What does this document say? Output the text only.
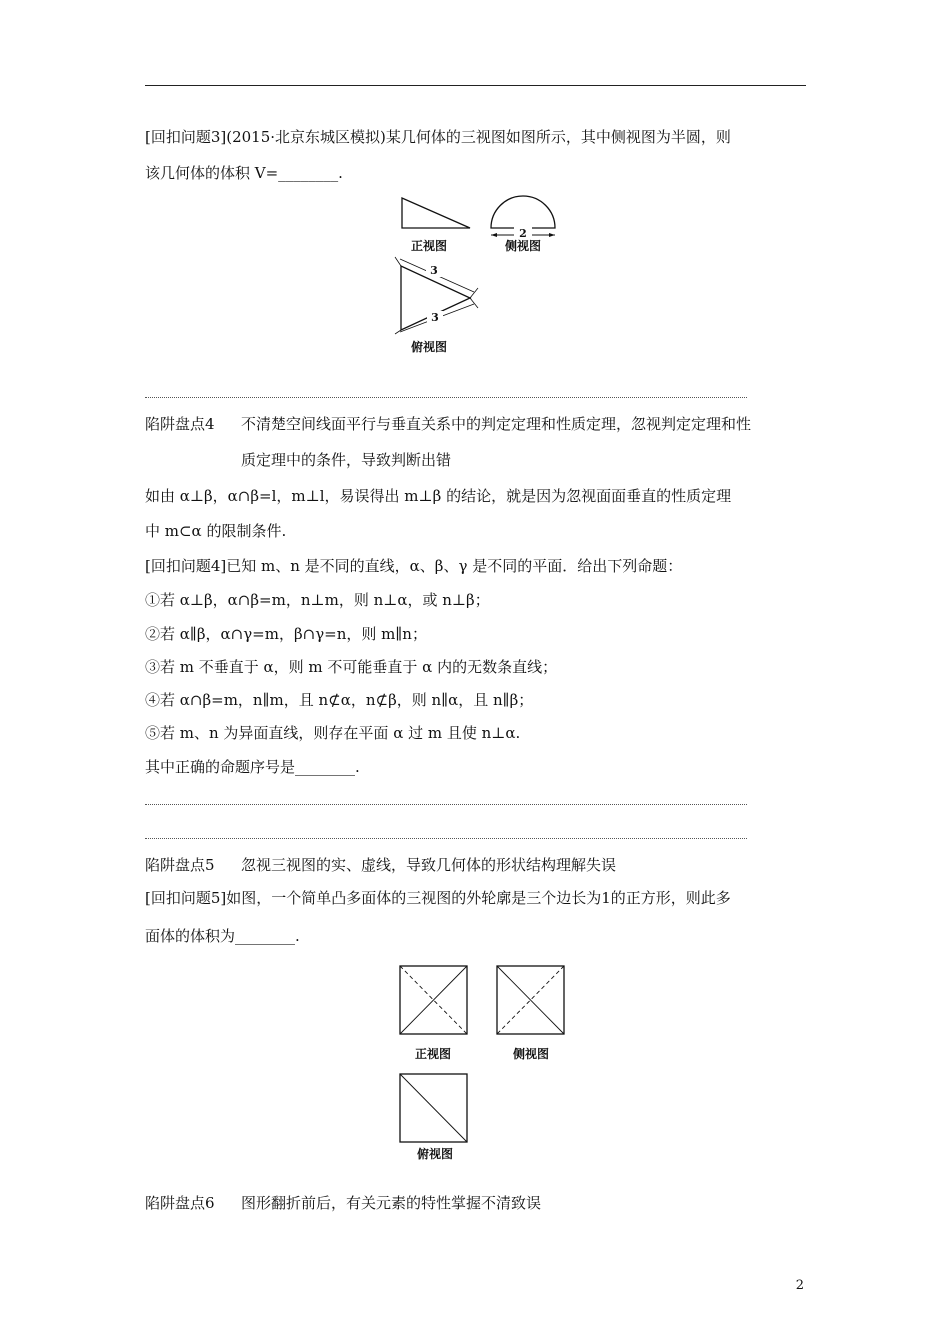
[回扣问题3](2015·北京东城区模拟)某几何体的三视图如图所示，其中侧视图为半圆，则
该几何体的体积 V=________.
正视图
2
侧视图
3
3
俯视图
陷阱盘点4 不清楚空间线面平行与垂直关系中的判定定理和性质定理，忽视判定定理和性
质定理中的条件，导致判断出错
如由 α⊥β，α∩β=l，m⊥l，易误得出 m⊥β 的结论，就是因为忽视面面垂直的性质定理
中 m⊂α 的限制条件.
[回扣问题4]已知 m、n 是不同的直线，α、β、γ 是不同的平面．给出下列命题：
①若 α⊥β，α∩β=m，n⊥m，则 n⊥α，或 n⊥β；
②若 α∥β，α∩γ=m，β∩γ=n，则 m∥n；
③若 m 不垂直于 α，则 m 不可能垂直于 α 内的无数条直线；
④若 α∩β=m，n∥m，且 n⊄α，n⊄β，则 n∥α，且 n∥β；
⑤若 m、n 为异面直线，则存在平面 α 过 m 且使 n⊥α.
其中正确的命题序号是________.
陷阱盘点5 忽视三视图的实、虚线，导致几何体的形状结构理解失误
[回扣问题5]如图，一个简单凸多面体的三视图的外轮廓是三个边长为1的正方形，则此多
面体的体积为________.
正视图	侧视图
俯视图
陷阱盘点6 图形翻折前后，有关元素的特性掌握不清致误
2
